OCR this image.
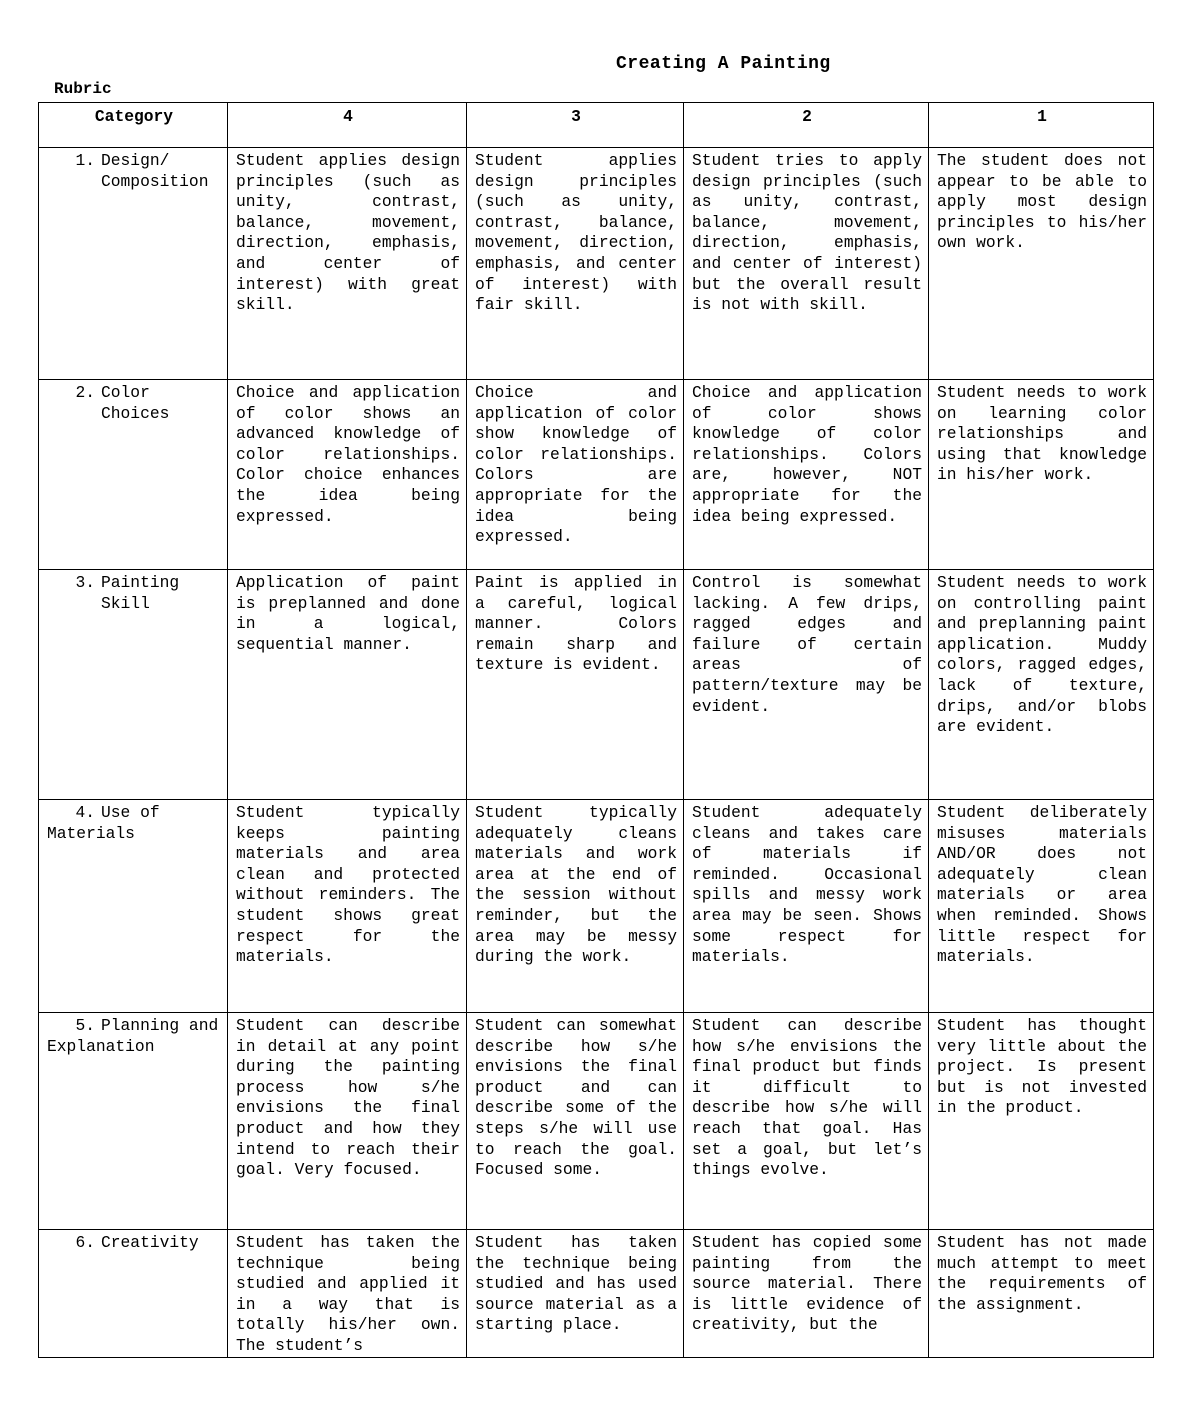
Creating A Painting
Rubric
Category	4	3	2	1
1. Design/
Composition	Student applies design principles (such as unity, contrast, balance, movement, direction, emphasis, and center of interest) with great skill.	Student applies design principles (such as unity, contrast, balance, movement, direction, emphasis, and center of interest) with fair skill.	Student tries to apply design principles (such as unity, contrast, balance, movement, direction, emphasis, and center of interest) but the overall result is not with skill.	The student does not appear to be able to apply most design principles to his/her own work.
2. Color
Choices	Choice and application of color shows an advanced knowledge of color relationships. Color choice enhances the idea being expressed.	Choice and application of color show knowledge of color relationships. Colors are appropriate for the idea being expressed.	Choice and application of color shows knowledge of color relationships. Colors are, however, NOT appropriate for the idea being expressed.	Student needs to work on learning color relationships and using that knowledge in his/her work.
3. Painting
Skill	Application of paint is preplanned and done in a logical, sequential manner.	Paint is applied in a careful, logical manner. Colors remain sharp and texture is evident.	Control is somewhat lacking. A few drips, ragged edges and failure of certain areas of pattern/texture may be evident.	Student needs to work on controlling paint and preplanning paint application. Muddy colors, ragged edges, lack of texture, drips, and/or blobs are evident.
4. Use of Materials	Student typically keeps painting materials and area clean and protected without reminders. The student shows great respect for the materials.	Student typically adequately cleans materials and work area at the end of the session without reminder, but the area may be messy during the work.	Student adequately cleans and takes care of materials if reminded. Occasional spills and messy work area may be seen. Shows some respect for materials.	Student deliberately misuses materials AND/OR does not adequately clean materials or area when reminded. Shows little respect for materials.
5. Planning and Explanation	Student can describe in detail at any point during the painting process how s/he envisions the final product and how they intend to reach their goal. Very focused.	Student can somewhat describe how s/he envisions the final product and can describe some of the steps s/he will use to reach the goal. Focused some.	Student can describe how s/he envisions the final product but finds it difficult to describe how s/he will reach that goal. Has set a goal, but let’s things evolve.	Student has thought very little about the project. Is present but is not invested in the product.
6. Creativity	Student has taken the technique being studied and applied it in a way that is totally his/her own. The student’s	Student has taken the technique being studied and has used source material as a starting place.	Student has copied some painting from the source material. There is little evidence of creativity, but the	Student has not made much attempt to meet the requirements of the assignment.
